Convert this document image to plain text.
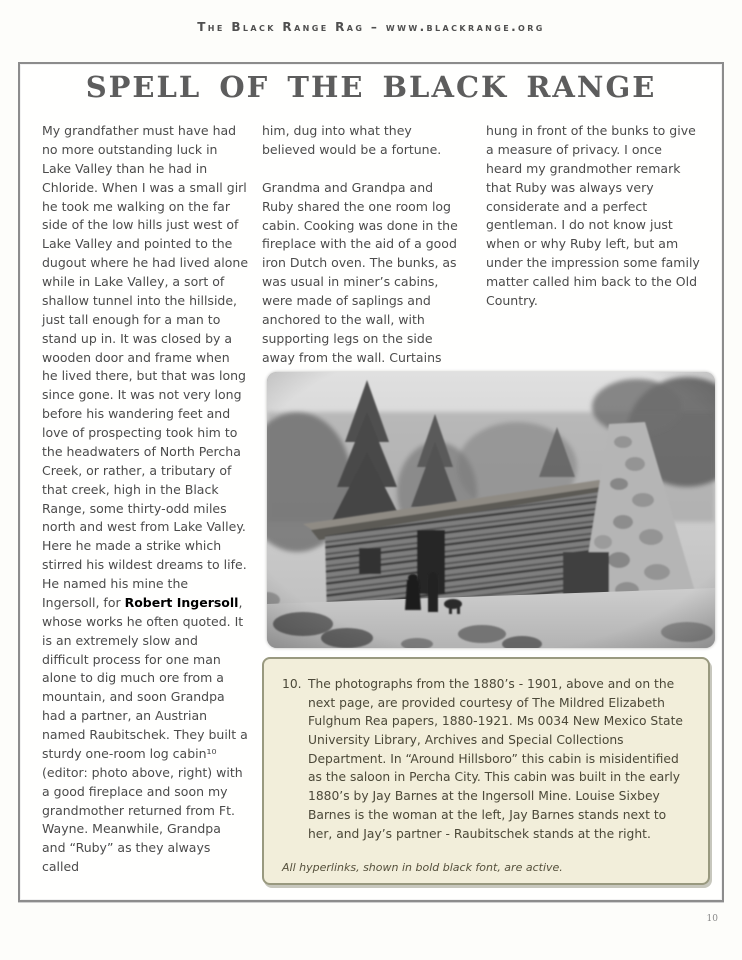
The Black Range Rag – www.blackrange.org
SPELL OF THE BLACK RANGE

My grandfather must have had no more outstanding luck in Lake Valley than he had in Chloride. When I was a small girl he took me walking on the far side of the low hills just west of Lake Valley and pointed to the dugout where he had lived alone while in Lake Valley, a sort of shallow tunnel into the hillside, just tall enough for a man to stand up in. It was closed by a wooden door and frame when he lived there, but that was long since gone. It was not very long before his wandering feet and love of prospecting took him to the headwaters of North Percha Creek, or rather, a tributary of that creek, high in the Black Range, some thirty-odd miles north and west from Lake Valley. Here he made a strike which stirred his wildest dreams to life. He named his mine the Ingersoll, for Robert Ingersoll, whose works he often quoted. It is an extremely slow and difficult process for one man alone to dig much ore from a mountain, and soon Grandpa had a partner, an Austrian named Raubitschek. They built a sturdy one-room log cabin¹⁰ (editor: photo above, right) with a good fireplace and soon my grandmother returned from Ft. Wayne. Meanwhile, Grandpa and “Ruby” as they always called

him, dug into what they believed would be a fortune.

Grandma and Grandpa and Ruby shared the one room log cabin. Cooking was done in the fireplace with the aid of a good iron Dutch oven. The bunks, as was usual in miner’s cabins, were made of saplings and anchored to the wall, with supporting legs on the side away from the wall. Curtains

hung in front of the bunks to give a measure of privacy. I once heard my grandmother remark that Ruby was always very considerate and a perfect gentleman. I do not know just when or why Ruby left, but am under the impression some family matter called him back to the Old Country.

10. The photographs from the 1880’s - 1901, above and on the next page, are provided courtesy of The Mildred Elizabeth Fulghum Rea papers, 1880-1921. Ms 0034 New Mexico State University Library, Archives and Special Collections Department. In “Around Hillsboro” this cabin is misidentified as the saloon in Percha City. This cabin was built in the early 1880’s by Jay Barnes at the Ingersoll Mine. Louise Sixbey Barnes is the woman at the left, Jay Barnes stands next to her, and Jay’s partner - Raubitschek stands at the right.
All hyperlinks, shown in bold black font, are active.
10
